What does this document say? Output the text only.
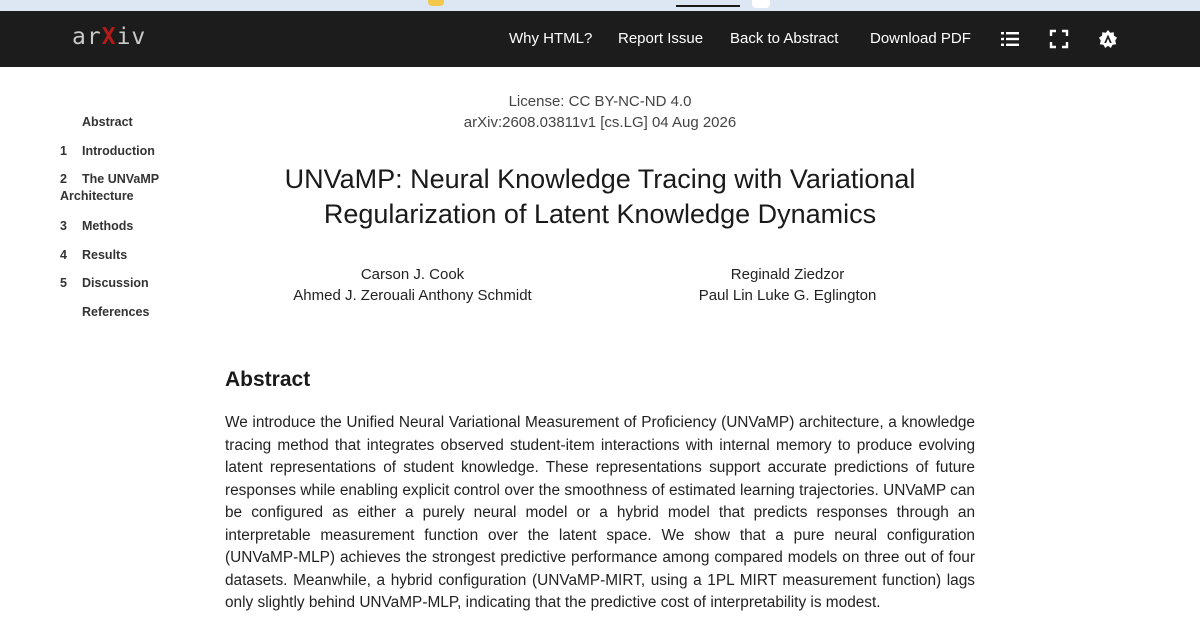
arXiv	Why HTML? Report Issue Back to Abstract Download PDF
Abstract
1 Introduction
2 The UNVaMP Architecture
3 Methods
4 Results
5 Discussion
References
License: CC BY-NC-ND 4.0
arXiv:2608.03811v1 [cs.LG] 04 Aug 2026
UNVaMP: Neural Knowledge Tracing with Variational
Regularization of Latent Knowledge Dynamics
Carson J. Cook
Ahmed J. Zerouali Anthony Schmidt
Reginald Ziedzor
Paul Lin Luke G. Eglington
Abstract

We introduce the Unified Neural Variational Measurement of Proficiency (UNVaMP) architecture, a knowledge tracing method that integrates observed student-item interactions with internal memory to produce evolving latent representations of student knowledge. These representations support accurate predictions of future responses while enabling explicit control over the smoothness of estimated learning trajectories. UNVaMP can be configured as either a purely neural model or a hybrid model that predicts responses through an interpretable measurement function over the latent space. We show that a pure neural configuration (UNVaMP-MLP) achieves the strongest predictive performance among compared models on three out of four datasets. Meanwhile, a hybrid configuration (UNVaMP-MIRT, using a 1PL MIRT measurement function) lags only slightly behind UNVaMP-MLP, indicating that the predictive cost of interpretability is modest.
